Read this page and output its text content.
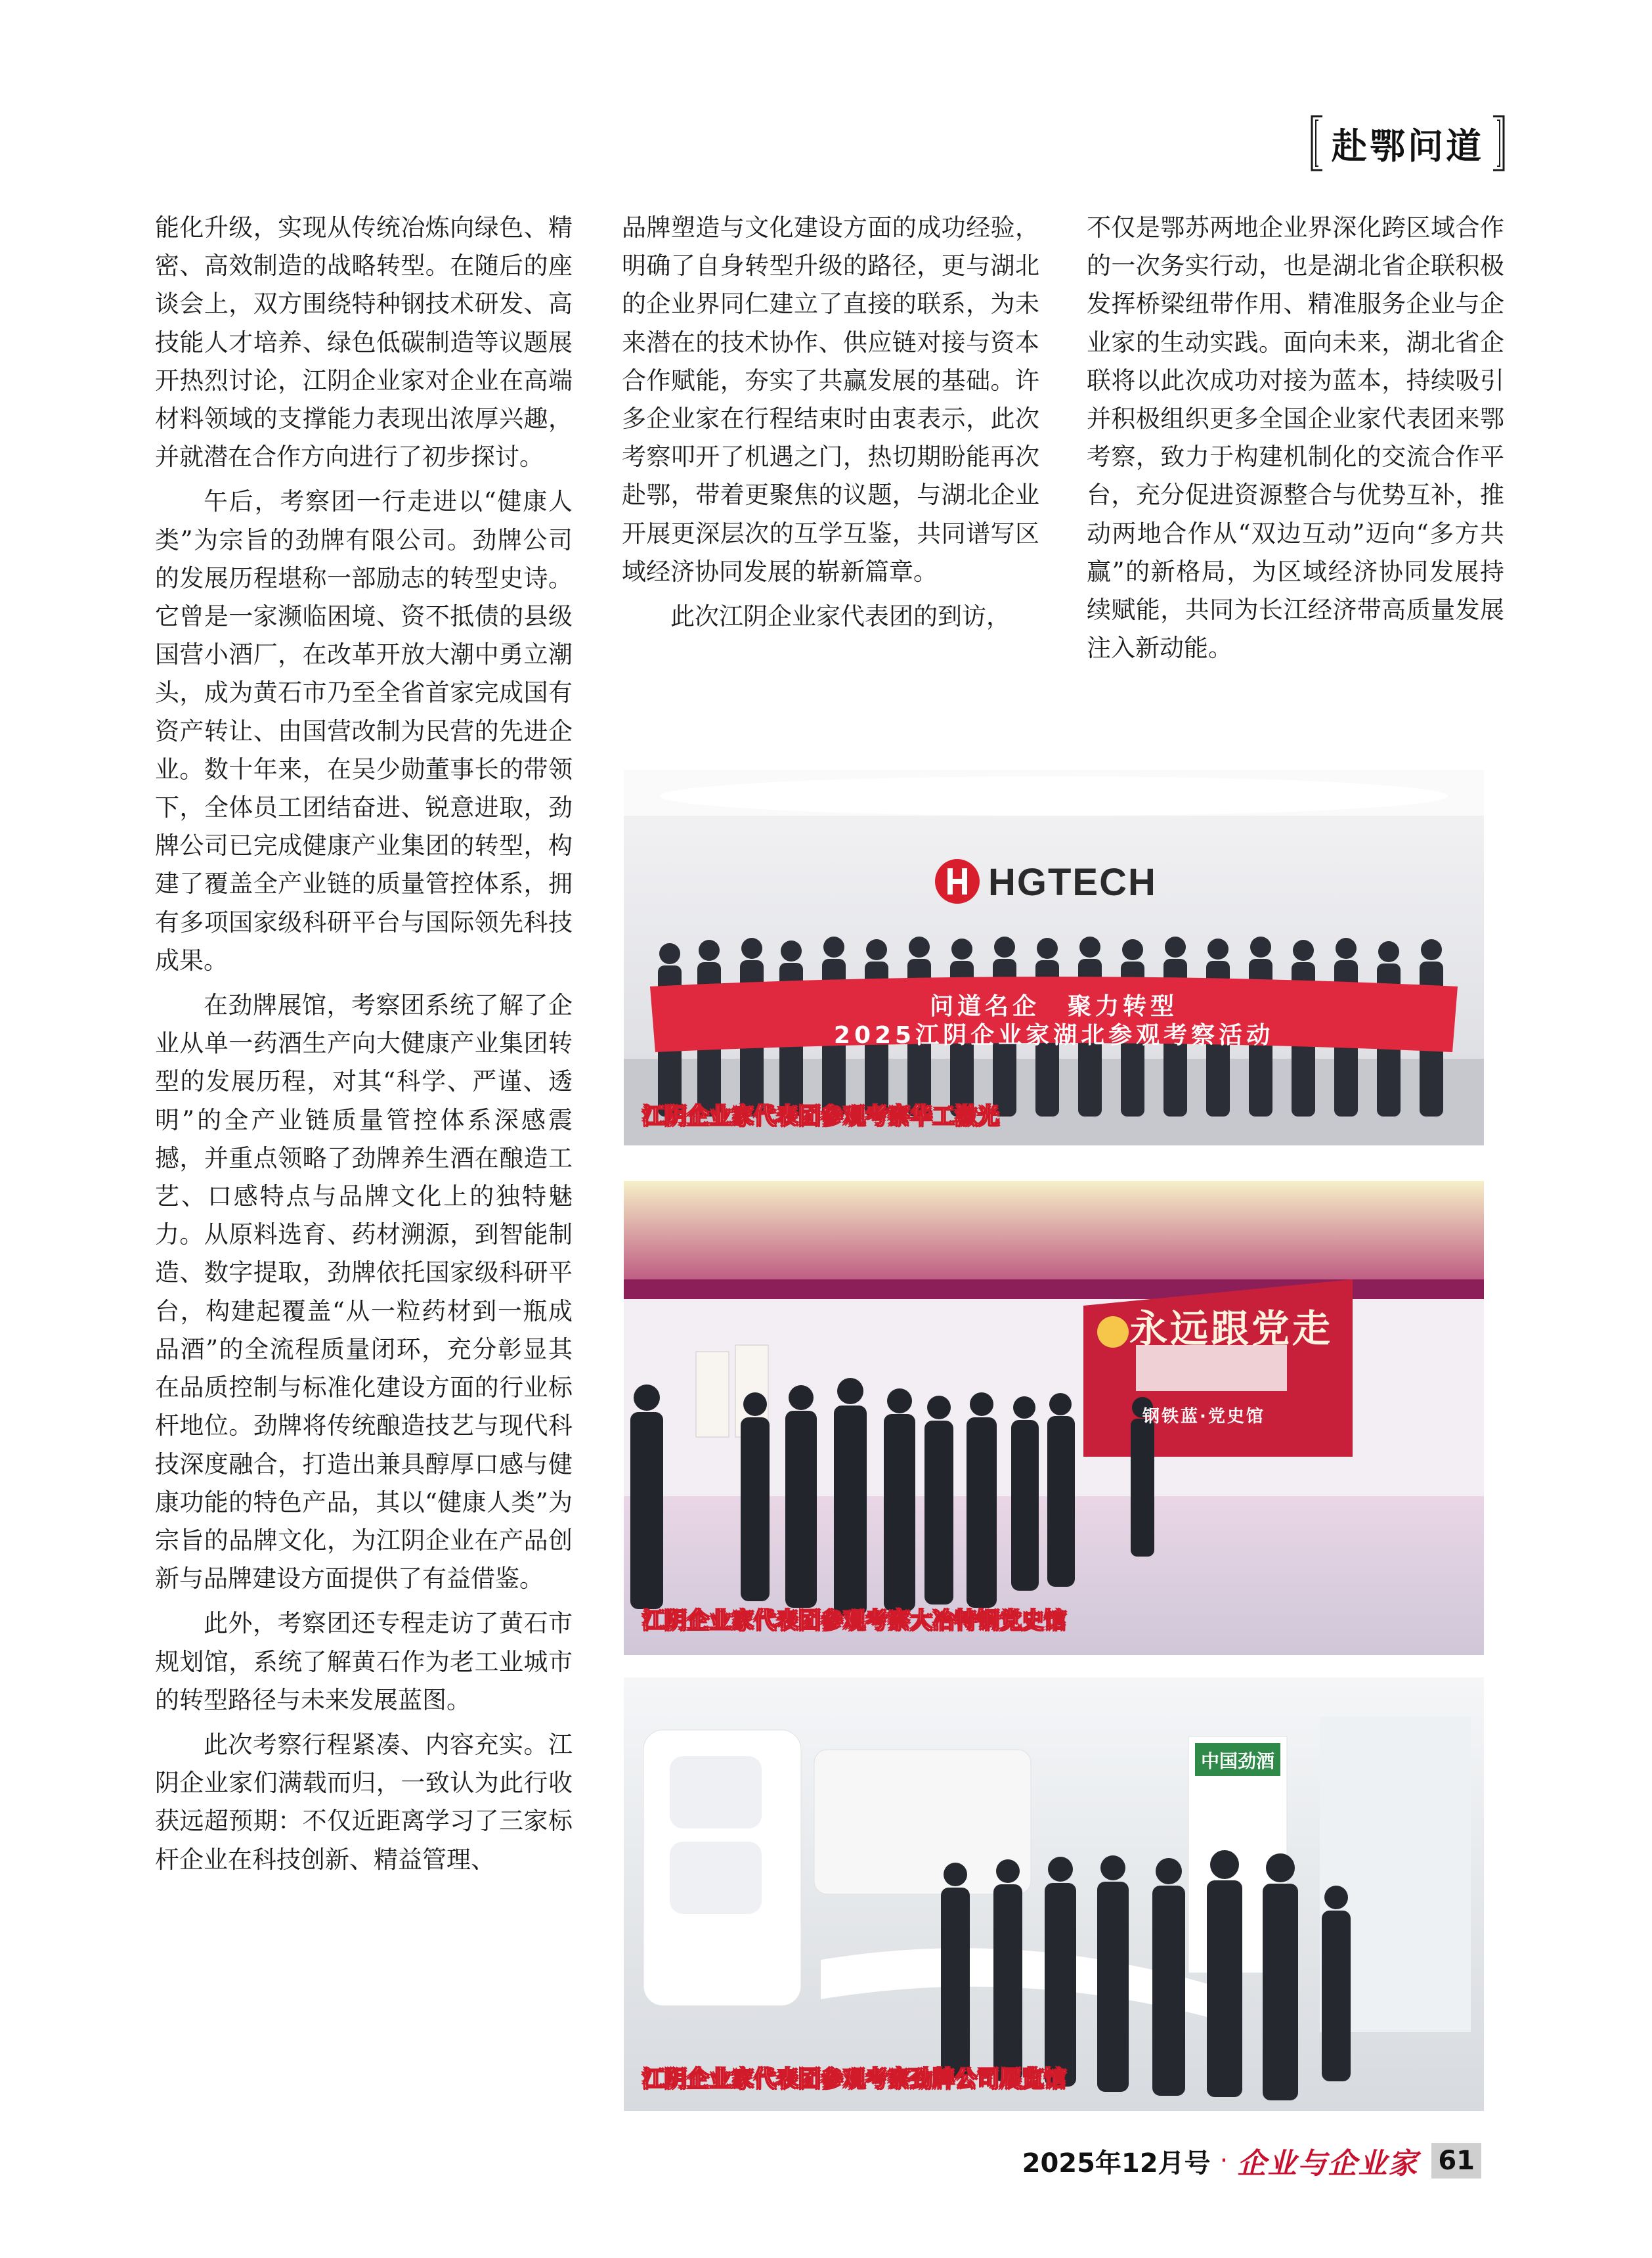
赴鄂问道

能化升级，实现从传统冶炼向绿色、精密、高效制造的战略转型。在随后的座谈会上，双方围绕特种钢技术研发、高技能人才培养、绿色低碳制造等议题展开热烈讨论，江阴企业家对企业在高端材料领域的支撑能力表现出浓厚兴趣，并就潜在合作方向进行了初步探讨。

午后，考察团一行走进以“健康人类”为宗旨的劲牌有限公司。劲牌公司的发展历程堪称一部励志的转型史诗。它曾是一家濒临困境、资不抵债的县级国营小酒厂，在改革开放大潮中勇立潮头，成为黄石市乃至全省首家完成国有资产转让、由国营改制为民营的先进企业。数十年来，在吴少勋董事长的带领下，全体员工团结奋进、锐意进取，劲牌公司已完成健康产业集团的转型，构建了覆盖全产业链的质量管控体系，拥有多项国家级科研平台与国际领先科技成果。

在劲牌展馆，考察团系统了解了企业从单一药酒生产向大健康产业集团转型的发展历程，对其“科学、严谨、透明”的全产业链质量管控体系深感震撼，并重点领略了劲牌养生酒在酿造工艺、口感特点与品牌文化上的独特魅力。从原料选育、药材溯源，到智能制造、数字提取，劲牌依托国家级科研平台，构建起覆盖“从一粒药材到一瓶成品酒”的全流程质量闭环，充分彰显其在品质控制与标准化建设方面的行业标杆地位。劲牌将传统酿造技艺与现代科技深度融合，打造出兼具醇厚口感与健康功能的特色产品，其以“健康人类”为宗旨的品牌文化，为江阴企业在产品创新与品牌建设方面提供了有益借鉴。

此外，考察团还专程走访了黄石市规划馆，系统了解黄石作为老工业城市的转型路径与未来发展蓝图。

此次考察行程紧凑、内容充实。江阴企业家们满载而归，一致认为此行收获远超预期：不仅近距离学习了三家标杆企业在科技创新、精益管理、

品牌塑造与文化建设方面的成功经验，明确了自身转型升级的路径，更与湖北的企业界同仁建立了直接的联系，为未来潜在的技术协作、供应链对接与资本合作赋能，夯实了共赢发展的基础。许多企业家在行程结束时由衷表示，此次考察叩开了机遇之门，热切期盼能再次赴鄂，带着更聚焦的议题，与湖北企业开展更深层次的互学互鉴，共同谱写区域经济协同发展的崭新篇章。

此次江阴企业家代表团的到访，

不仅是鄂苏两地企业界深化跨区域合作的一次务实行动，也是湖北省企联积极发挥桥梁纽带作用、精准服务企业与企业家的生动实践。面向未来，湖北省企联将以此次成功对接为蓝本，持续吸引并积极组织更多全国企业家代表团来鄂考察，致力于构建机制化的交流合作平台，充分促进资源整合与优势互补，推动两地合作从“双边互动”迈向“多方共赢”的新格局，为区域经济协同发展持续赋能，共同为长江经济带高质量发展注入新动能。

HGTECH
问道名企　聚力转型
2025江阴企业家湖北参观考察活动
江阴企业家代表团参观考察华工激光
永远跟党走
钢铁蓝·党史馆
江阴企业家代表团参观考察大冶特钢党史馆
中国劲酒
江阴企业家代表团参观考察劲牌公司展览馆
2025年12月号 · 企业与企业家 61
